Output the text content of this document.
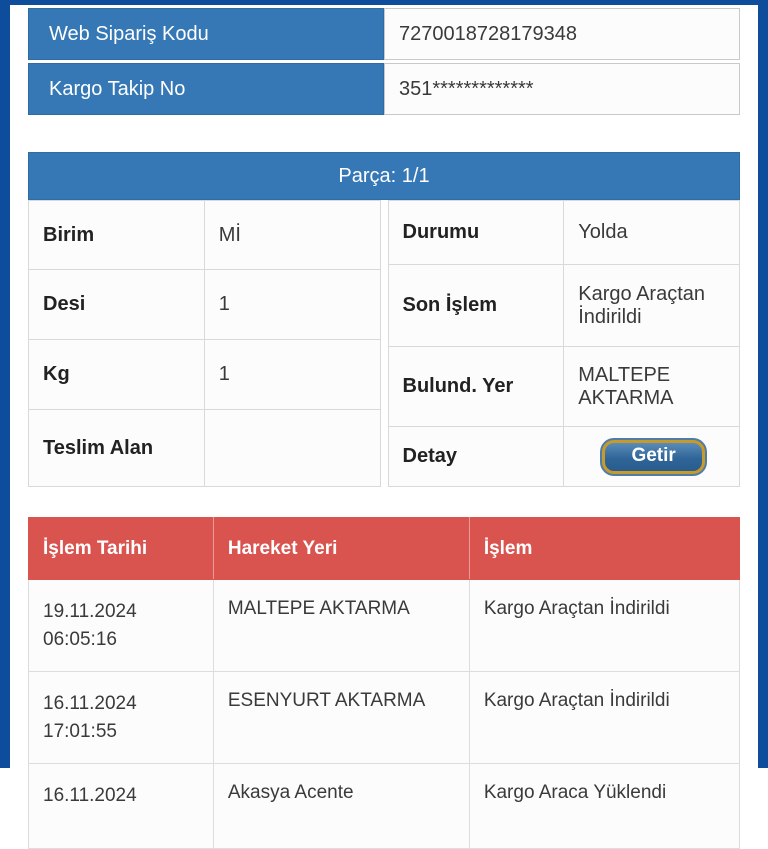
Web Sipariş Kodu	7270018728179348
Kargo Takip No	351*************
Parça: 1/1
Birim	Mİ
Desi	1
Kg	1
Teslim Alan	
Durumu	Yolda
Son İşlem	Kargo Araçtan İndirildi
Bulund. Yer	MALTEPE AKTARMA
Detay	Getir
İşlem Tarihi	Hareket Yeri	İşlem

19.11.2024
06:05:16	MALTEPE AKTARMA	Kargo Araçtan İndirildi

16.11.2024
17:01:55	ESENYURT AKTARMA	Kargo Araçtan İndirildi

16.11.2024	Akasya Acente	Kargo Araca Yüklendi
